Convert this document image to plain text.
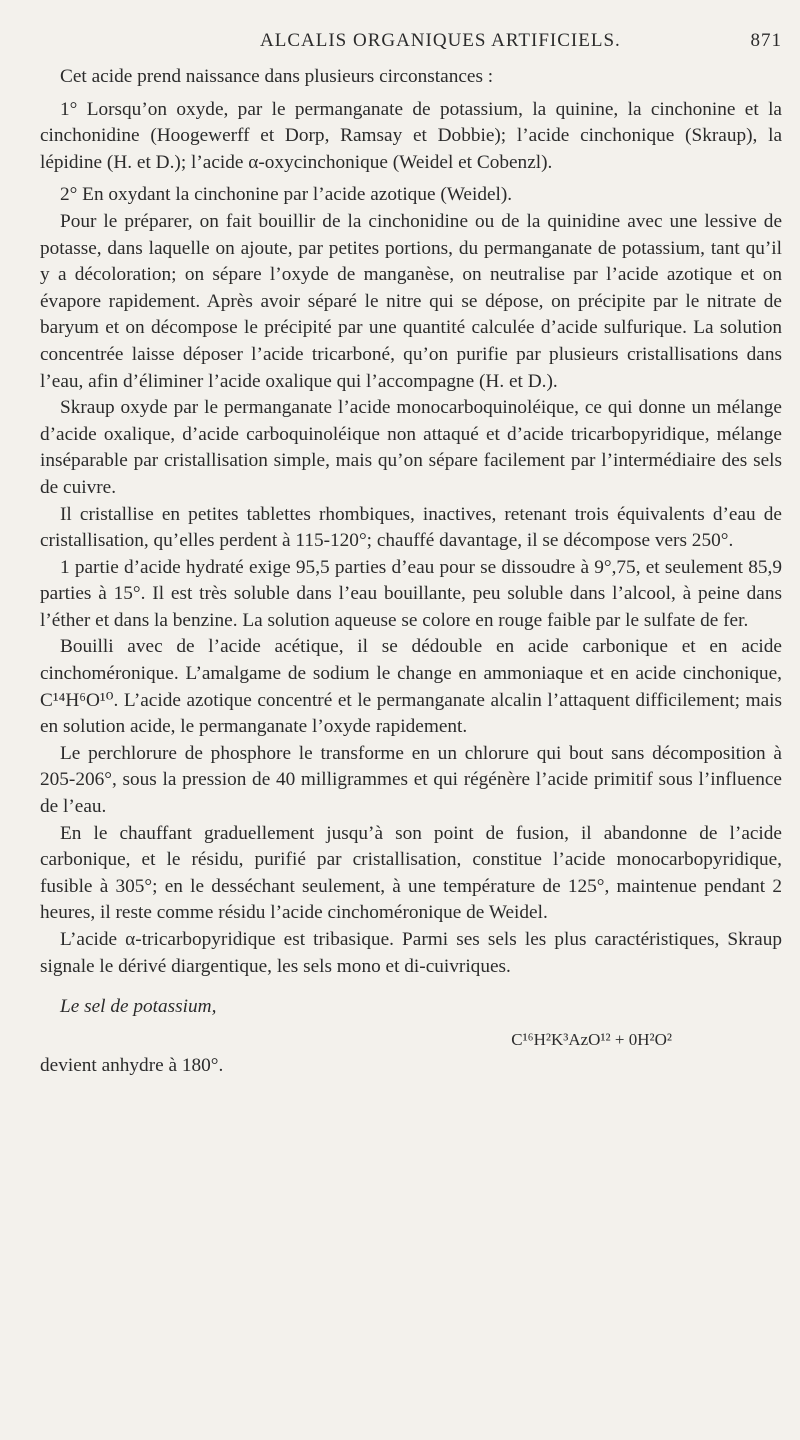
ALCALIS ORGANIQUES ARTIFICIELS.	871

Cet acide prend naissance dans plusieurs circonstances :

1° Lorsqu’on oxyde, par le permanganate de potassium, la quinine, la cinchonine et la cinchonidine (Hoogewerff et Dorp, Ramsay et Dobbie); l’acide cinchonique (Skraup), la lépidine (H. et D.); l’acide α-oxycinchonique (Weidel et Cobenzl).

2° En oxydant la cinchonine par l’acide azotique (Weidel).

Pour le préparer, on fait bouillir de la cinchonidine ou de la quinidine avec une lessive de potasse, dans laquelle on ajoute, par petites portions, du permanganate de potassium, tant qu’il y a décoloration; on sépare l’oxyde de manganèse, on neutralise par l’acide azotique et on évapore rapidement. Après avoir séparé le nitre qui se dépose, on précipite par le nitrate de baryum et on décompose le précipité par une quantité calculée d’acide sulfurique. La solution concentrée laisse déposer l’acide tricarboné, qu’on purifie par plusieurs cristallisations dans l’eau, afin d’éliminer l’acide oxalique qui l’accompagne (H. et D.).

Skraup oxyde par le permanganate l’acide monocarboquinoléique, ce qui donne un mélange d’acide oxalique, d’acide carboquinoléique non attaqué et d’acide tricarbopyridique, mélange inséparable par cristallisation simple, mais qu’on sépare facilement par l’intermédiaire des sels de cuivre.

Il cristallise en petites tablettes rhombiques, inactives, retenant trois équivalents d’eau de cristallisation, qu’elles perdent à 115-120°; chauffé davantage, il se décompose vers 250°.

1 partie d’acide hydraté exige 95,5 parties d’eau pour se dissoudre à 9°,75, et seulement 85,9 parties à 15°. Il est très soluble dans l’eau bouillante, peu soluble dans l’alcool, à peine dans l’éther et dans la benzine. La solution aqueuse se colore en rouge faible par le sulfate de fer.

Bouilli avec de l’acide acétique, il se dédouble en acide carbonique et en acide cinchoméronique. L’amalgame de sodium le change en ammoniaque et en acide cinchonique, C¹⁴H⁶O¹⁰. L’acide azotique concentré et le permanganate alcalin l’attaquent difficilement; mais en solution acide, le permanganate l’oxyde rapidement.

Le perchlorure de phosphore le transforme en un chlorure qui bout sans décomposition à 205-206°, sous la pression de 40 milligrammes et qui régénère l’acide primitif sous l’influence de l’eau.

En le chauffant graduellement jusqu’à son point de fusion, il abandonne de l’acide carbonique, et le résidu, purifié par cristallisation, constitue l’acide monocarbopyridique, fusible à 305°; en le desséchant seulement, à une température de 125°, maintenue pendant 2 heures, il reste comme résidu l’acide cinchoméronique de Weidel.

L’acide α-tricarbopyridique est tribasique. Parmi ses sels les plus caractéristiques, Skraup signale le dérivé diargentique, les sels mono et di-cuivriques.

Le sel de potassium,

C¹⁶H²K³AzO¹² + 0H²O²

devient anhydre à 180°.
